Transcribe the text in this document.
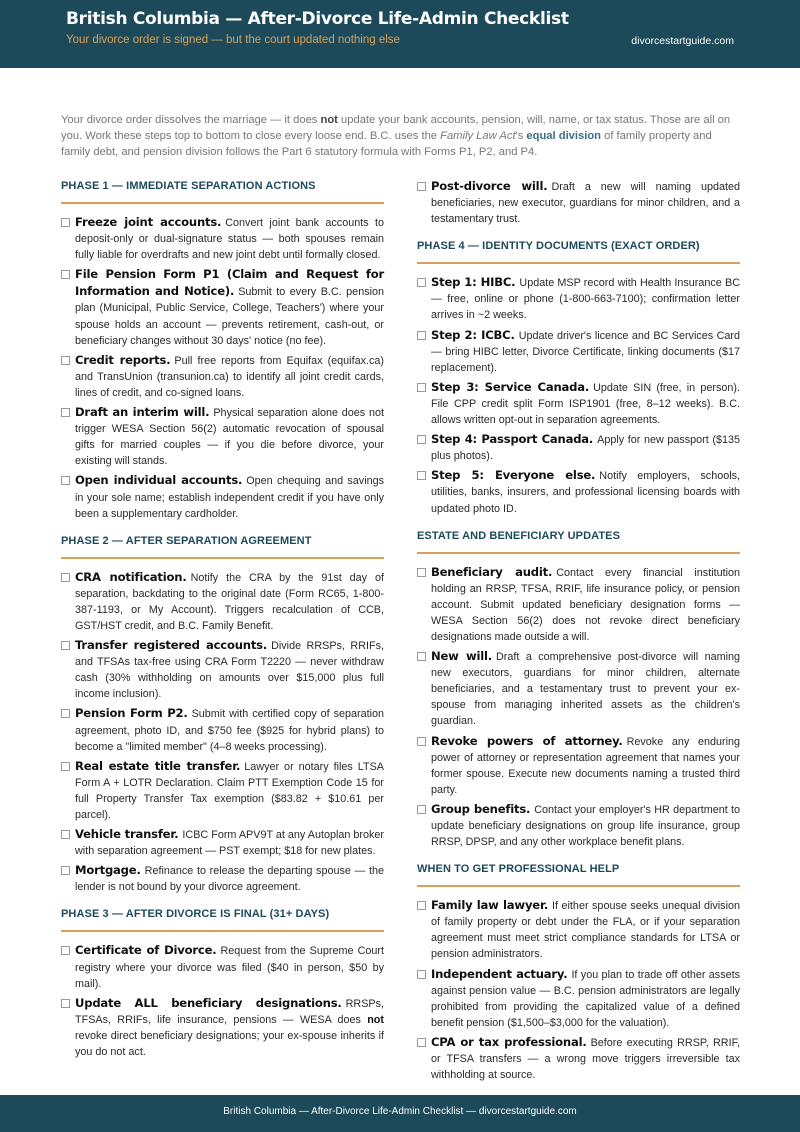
British Columbia — After-Divorce Life-Admin Checklist
Your divorce order is signed — but the court updated nothing else	divorcestartguide.com

Your divorce order dissolves the marriage — it does not update your bank accounts, pension, will, name, or tax status. Those are all on you. Work these steps top to bottom to close every loose end. B.C. uses the Family Law Act's equal division of family property and family debt, and pension division follows the Part 6 statutory formula with Forms P1, P2, and P4.

PHASE 1 — IMMEDIATE SEPARATION ACTIONS
Freeze joint accounts. Convert joint bank accounts to deposit-only or dual-signature status — both spouses remain fully liable for overdrafts and new joint debt until formally closed.
File Pension Form P1 (Claim and Request for Information and Notice). Submit to every B.C. pension plan (Municipal, Public Service, College, Teachers') where your spouse holds an account — prevents retirement, cash-out, or beneficiary changes without 30 days' notice (no fee).
Credit reports. Pull free reports from Equifax (equifax.ca) and TransUnion (transunion.ca) to identify all joint credit cards, lines of credit, and co-signed loans.
Draft an interim will. Physical separation alone does not trigger WESA Section 56(2) automatic revocation of spousal gifts for married couples — if you die before divorce, your existing will stands.
Open individual accounts. Open chequing and savings in your sole name; establish independent credit if you have only been a supplementary cardholder.
PHASE 2 — AFTER SEPARATION AGREEMENT
CRA notification. Notify the CRA by the 91st day of separation, backdating to the original date (Form RC65, 1-800-387-1193, or My Account). Triggers recalculation of CCB, GST/HST credit, and B.C. Family Benefit.
Transfer registered accounts. Divide RRSPs, RRIFs, and TFSAs tax-free using CRA Form T2220 — never withdraw cash (30% withholding on amounts over $15,000 plus full income inclusion).
Pension Form P2. Submit with certified copy of separation agreement, photo ID, and $750 fee ($925 for hybrid plans) to become a "limited member" (4–8 weeks processing).
Real estate title transfer. Lawyer or notary files LTSA Form A + LOTR Declaration. Claim PTT Exemption Code 15 for full Property Transfer Tax exemption ($83.82 + $10.61 per parcel).
Vehicle transfer. ICBC Form APV9T at any Autoplan broker with separation agreement — PST exempt; $18 for new plates.
Mortgage. Refinance to release the departing spouse — the lender is not bound by your divorce agreement.
PHASE 3 — AFTER DIVORCE IS FINAL (31+ DAYS)
Certificate of Divorce. Request from the Supreme Court registry where your divorce was filed ($40 in person, $50 by mail).
Update ALL beneficiary designations. RRSPs, TFSAs, RRIFs, life insurance, pensions — WESA does not revoke direct beneficiary designations; your ex-spouse inherits if you do not act.
Post-divorce will. Draft a new will naming updated beneficiaries, new executor, guardians for minor children, and a testamentary trust.
PHASE 4 — IDENTITY DOCUMENTS (EXACT ORDER)
Step 1: HIBC. Update MSP record with Health Insurance BC — free, online or phone (1-800-663-7100); confirmation letter arrives in ~2 weeks.
Step 2: ICBC. Update driver's licence and BC Services Card — bring HIBC letter, Divorce Certificate, linking documents ($17 replacement).
Step 3: Service Canada. Update SIN (free, in person). File CPP credit split Form ISP1901 (free, 8–12 weeks). B.C. allows written opt-out in separation agreements.
Step 4: Passport Canada. Apply for new passport ($135 plus photos).
Step 5: Everyone else. Notify employers, schools, utilities, banks, insurers, and professional licensing boards with updated photo ID.
ESTATE AND BENEFICIARY UPDATES
Beneficiary audit. Contact every financial institution holding an RRSP, TFSA, RRIF, life insurance policy, or pension account. Submit updated beneficiary designation forms — WESA Section 56(2) does not revoke direct beneficiary designations made outside a will.
New will. Draft a comprehensive post-divorce will naming new executors, guardians for minor children, alternate beneficiaries, and a testamentary trust to prevent your ex-spouse from managing inherited assets as the children's guardian.
Revoke powers of attorney. Revoke any enduring power of attorney or representation agreement that names your former spouse. Execute new documents naming a trusted third party.
Group benefits. Contact your employer's HR department to update beneficiary designations on group life insurance, group RRSP, DPSP, and any other workplace benefit plans.
WHEN TO GET PROFESSIONAL HELP
Family law lawyer. If either spouse seeks unequal division of family property or debt under the FLA, or if your separation agreement must meet strict compliance standards for LTSA or pension administrators.
Independent actuary. If you plan to trade off other assets against pension value — B.C. pension administrators are legally prohibited from providing the capitalized value of a defined benefit pension ($1,500–$3,000 for the valuation).
CPA or tax professional. Before executing RRSP, RRIF, or TFSA transfers — a wrong move triggers irreversible tax withholding at source.
British Columbia — After-Divorce Life-Admin Checklist — divorcestartguide.com
